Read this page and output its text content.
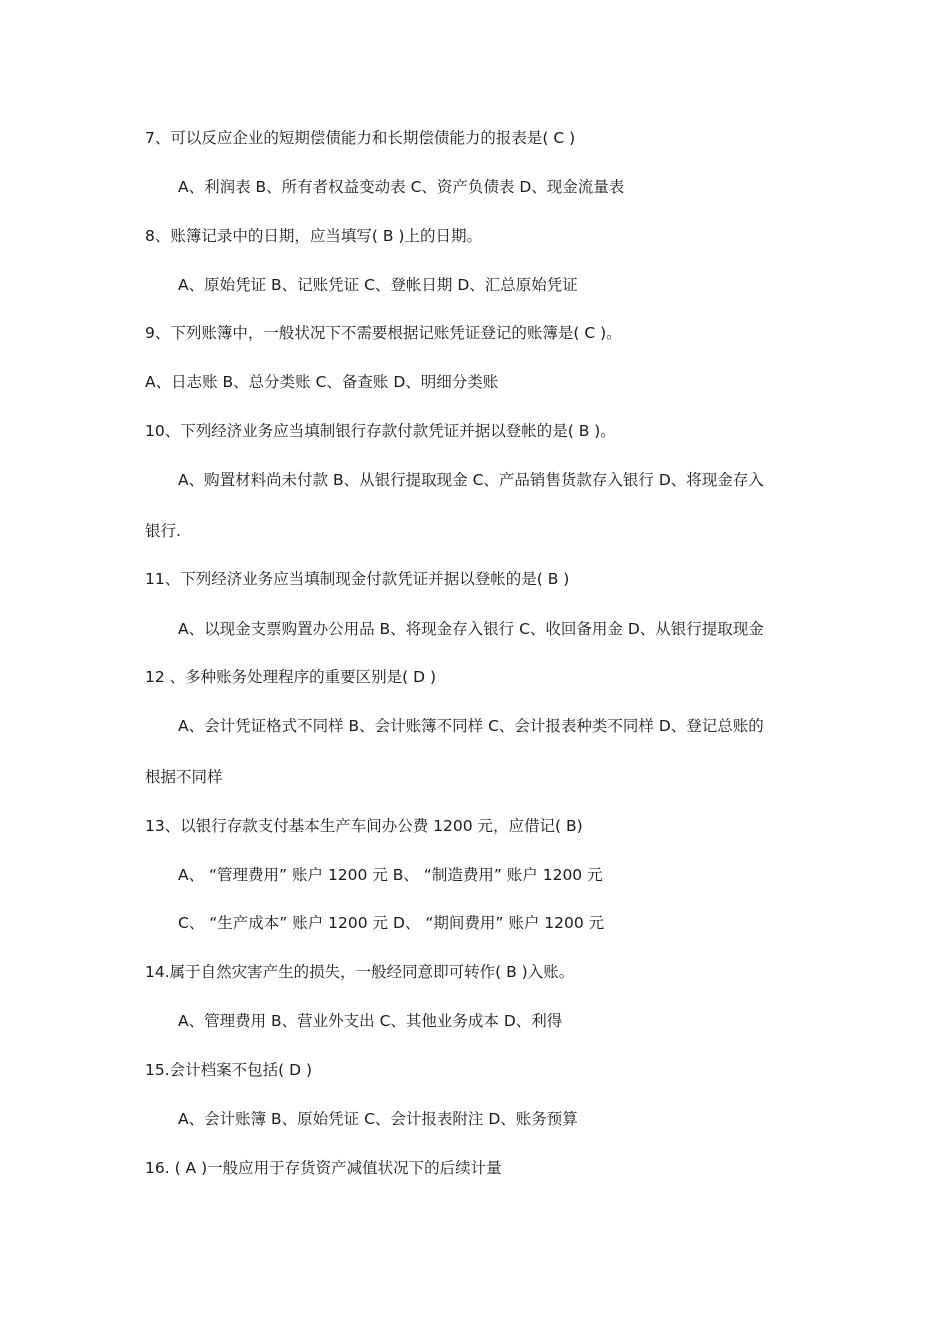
7、可以反应企业的短期偿债能力和长期偿债能力的报表是( C )
A、利润表 B、所有者权益变动表 C、资产负债表 D、现金流量表
8、账簿记录中的日期，应当填写( B )上的日期。
A、原始凭证 B、记账凭证 C、登帐日期 D、汇总原始凭证
9、下列账簿中，一般状况下不需要根据记账凭证登记的账簿是( C )。
A、日志账 B、总分类账 C、备查账 D、明细分类账
10、下列经济业务应当填制银行存款付款凭证并据以登帐的是( B )。
A、购置材料尚未付款 B、从银行提取现金 C、产品销售货款存入银行 D、将现金存入
银行.
11、下列经济业务应当填制现金付款凭证并据以登帐的是( B )
A、以现金支票购置办公用品 B、将现金存入银行 C、收回备用金 D、从银行提取现金
12 、多种账务处理程序的重要区别是( D )
A、会计凭证格式不同样 B、会计账簿不同样 C、会计报表种类不同样 D、登记总账的
根据不同样
13、以银行存款支付基本生产车间办公费 1200 元，应借记( B)
A、 “管理费用” 账户 1200 元 B、 “制造费用” 账户 1200 元
C、 “生产成本” 账户 1200 元 D、 “期间费用” 账户 1200 元
14.属于自然灾害产生的损失，一般经同意即可转作( B )入账。
A、管理费用 B、营业外支出 C、其他业务成本 D、利得
15.会计档案不包括( D )
A、会计账簿 B、原始凭证 C、会计报表附注 D、账务预算
16. ( A )一般应用于存货资产减值状况下的后续计量
